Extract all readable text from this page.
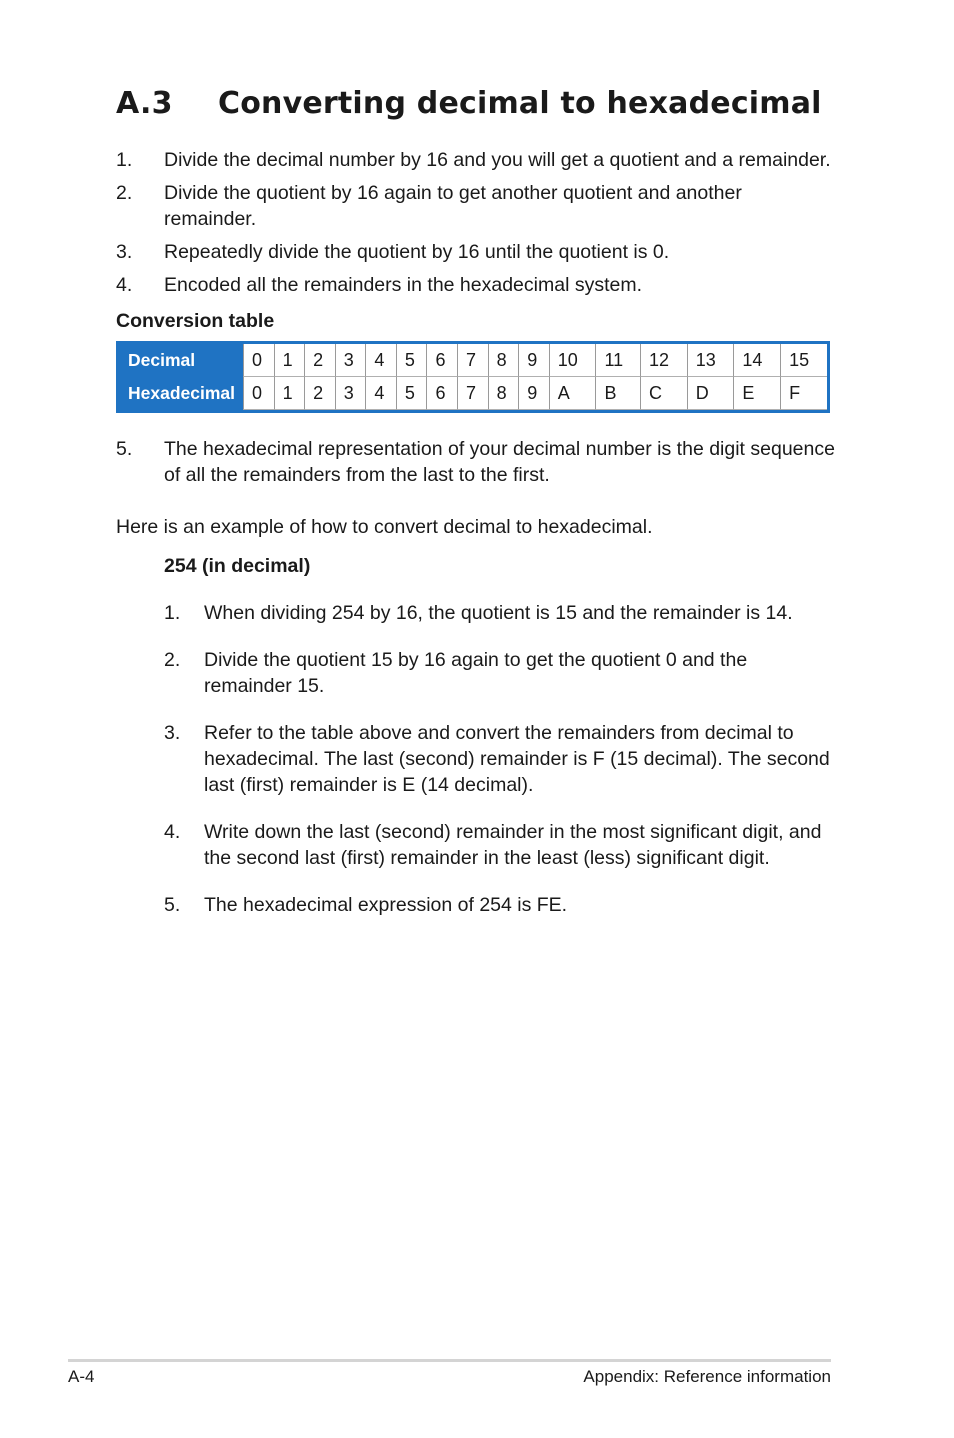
A.3 Converting decimal to hexadecimal
1. Divide the decimal number by 16 and you will get a quotient and a remainder.
2. Divide the quotient by 16 again to get another quotient and another remainder.
3. Repeatedly divide the quotient by 16 until the quotient is 0.
4. Encoded all the remainders in the hexadecimal system.
Conversion table
Decimal	0	1	2	3	4	5	6	7	8	9	10	11	12	13	14	15
Hexadecimal	0	1	2	3	4	5	6	7	8	9	A	B	C	D	E	F
5. The hexadecimal representation of your decimal number is the digit sequence of all the remainders from the last to the first.

Here is an example of how to convert decimal to hexadecimal.

254 (in decimal)
1. When dividing 254 by 16, the quotient is 15 and the remainder is 14.
2. Divide the quotient 15 by 16 again to get the quotient 0 and the remainder 15.
3. Refer to the table above and convert the remainders from decimal to hexadecimal. The last (second) remainder is F (15 decimal). The second last (first) remainder is E (14 decimal).
4. Write down the last (second) remainder in the most significant digit, and the second last (first) remainder in the least (less) significant digit.
5. The hexadecimal expression of 254 is FE.
A-4	Appendix: Reference information
